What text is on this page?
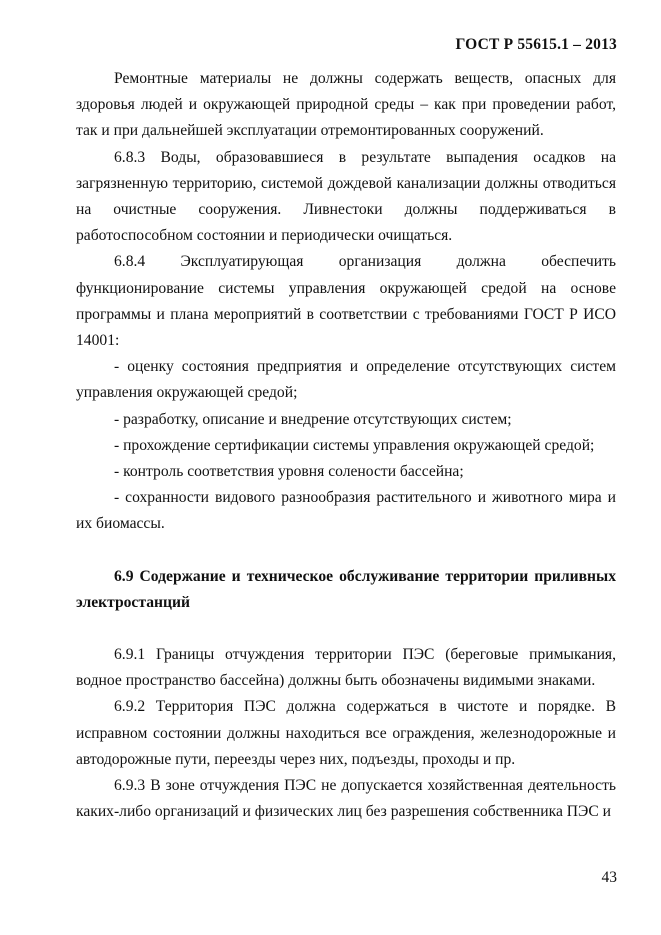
ГОСТ Р 55615.1 – 2013

Ремонтные материалы не должны содержать веществ, опасных для здоровья людей и окружающей природной среды – как при проведении работ, так и при дальнейшей эксплуатации отремонтированных сооружений.

6.8.3 Воды, образовавшиеся в результате выпадения осадков на загрязненную территорию, системой дождевой канализации должны отводиться на очистные сооружения. Ливнестоки должны поддерживаться в работоспособном состоянии и периодически очищаться.

6.8.4 Эксплуатирующая организация должна обеспечить функционирование системы управления окружающей средой на основе программы и плана мероприятий в соответствии с требованиями ГОСТ Р ИСО 14001:

- оценку состояния предприятия и определение отсутствующих систем управления окружающей средой;

- разработку, описание и внедрение отсутствующих систем;

- прохождение сертификации системы управления окружающей средой;

- контроль соответствия уровня солености бассейна;

- сохранности видового разнообразия растительного и животного мира и их биомассы.

6.9 Содержание и техническое обслуживание территории приливных электростанций

6.9.1 Границы отчуждения территории ПЭС (береговые примыкания, водное пространство бассейна) должны быть обозначены видимыми знаками.

6.9.2 Территория ПЭС должна содержаться в чистоте и порядке. В исправном состоянии должны находиться все ограждения, железнодорожные и автодорожные пути, переезды через них, подъезды, проходы и пр.

6.9.3 В зоне отчуждения ПЭС не допускается хозяйственная деятельность каких-либо организаций и физических лиц без разрешения собственника ПЭС и

43
